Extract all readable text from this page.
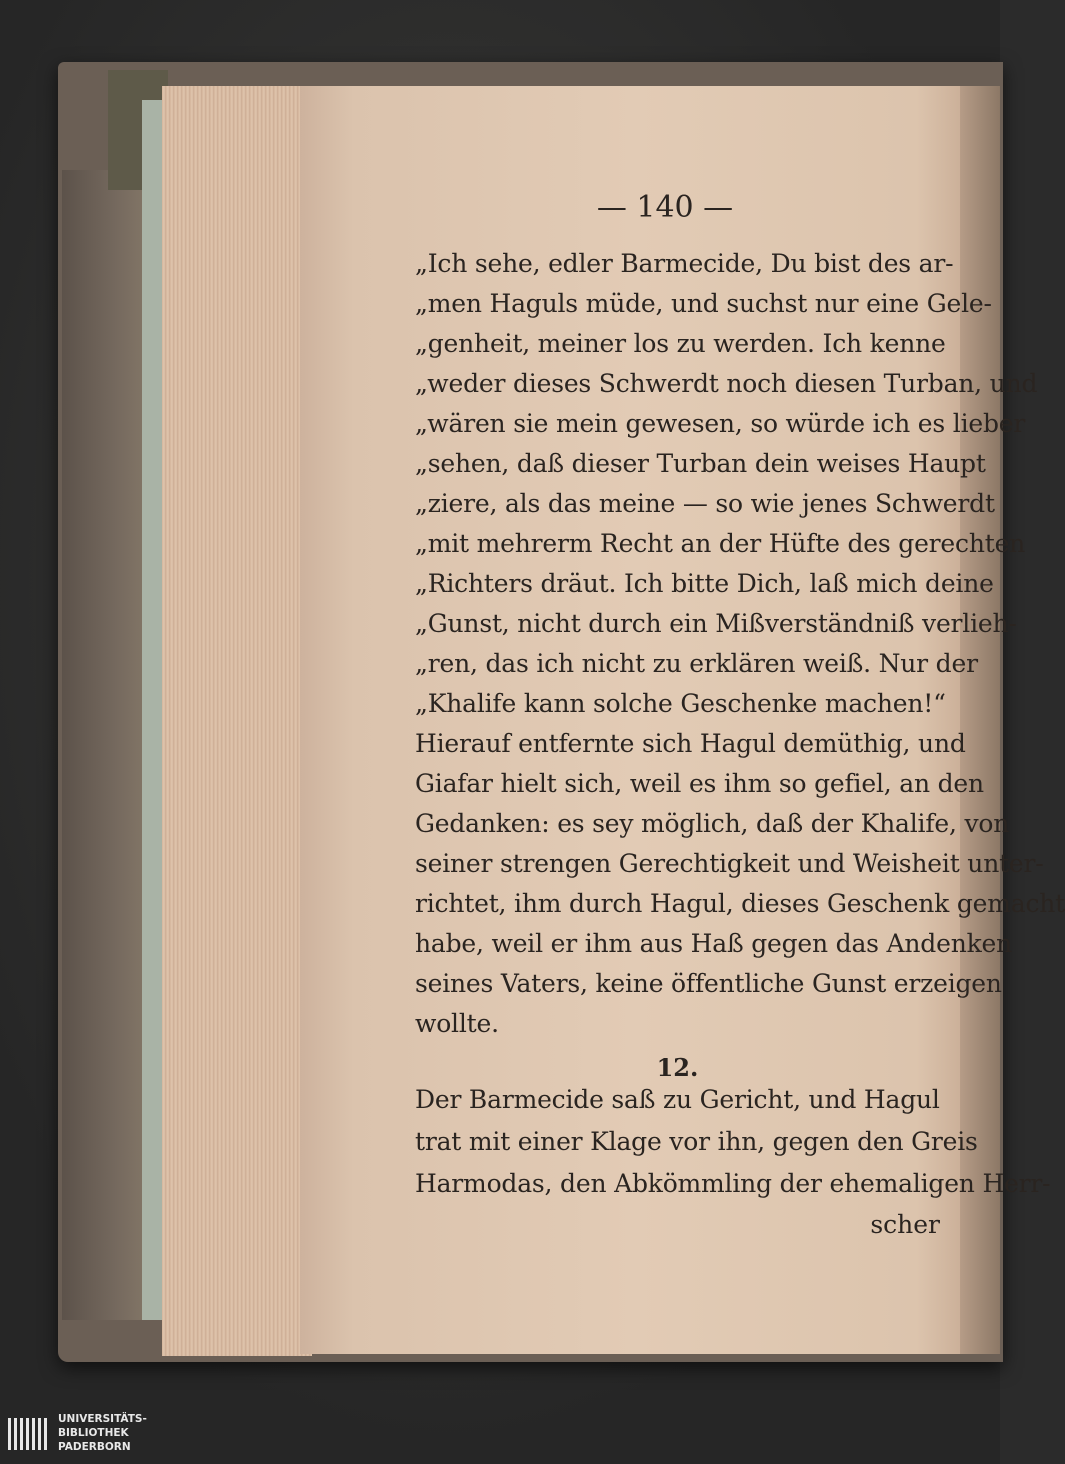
— 140 —
„Ich sehe, edler Barmecide, Du bist des ar-
„men Haguls müde, und suchst nur eine Gele-
„genheit, meiner los zu werden. Ich kenne
„weder dieses Schwerdt noch diesen Turban, und
„wären sie mein gewesen, so würde ich es lieber
„sehen, daß dieser Turban dein weises Haupt
„ziere, als das meine — so wie jenes Schwerdt
„mit mehrerm Recht an der Hüfte des gerechten
„Richters dräut. Ich bitte Dich, laß mich deine
„Gunst, nicht durch ein Mißverständniß verlieh-
„ren, das ich nicht zu erklären weiß. Nur der
„Khalife kann solche Geschenke machen!“
Hierauf entfernte sich Hagul demüthig, und
Giafar hielt sich, weil es ihm so gefiel, an den
Gedanken: es sey möglich, daß der Khalife, von
seiner strengen Gerechtigkeit und Weisheit unter-
richtet, ihm durch Hagul, dieses Geschenk gemacht
habe, weil er ihm aus Haß gegen das Andenken
seines Vaters, keine öffentliche Gunst erzeigen
wollte.
12.
Der Barmecide saß zu Gericht, und Hagul
trat mit einer Klage vor ihn, gegen den Greis
Harmodas, den Abkömmling der ehemaligen Herr-
scher
UNIVERSITÄTS-
BIBLIOTHEK
PADERBORN
